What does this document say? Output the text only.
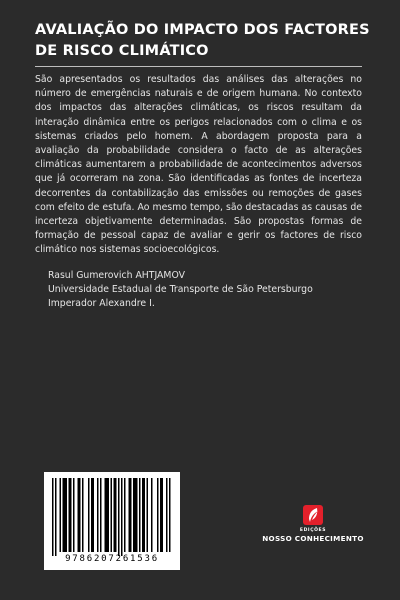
AVALIAÇÃO DO IMPACTO DOS FACTORES
DE RISCO CLIMÁTICO
São apresentados os resultados das análises das alterações no número de emergências naturais e de origem humana. No contexto dos impactos das alterações climáticas, os riscos resultam da interação dinâmica entre os perigos relacionados com o clima e os sistemas criados pelo homem. A abordagem proposta para a avaliação da probabilidade considera o facto de as alterações climáticas aumentarem a probabilidade de acontecimentos adversos que já ocorreram na zona. São identificadas as fontes de incerteza decorrentes da contabilização das emissões ou remoções de gases com efeito de estufa. Ao mesmo tempo, são destacadas as causas de incerteza objetivamente determinadas. São propostas formas de formação de pessoal capaz de avaliar e gerir os factores de risco climático nos sistemas socioecológicos.
Rasul Gumerovich AHTJAMOV
Universidade Estadual de Transporte de São Petersburgo
Imperador Alexandre I.
9786207261536
EDIÇÕES
NOSSO CONHECIMENTO
